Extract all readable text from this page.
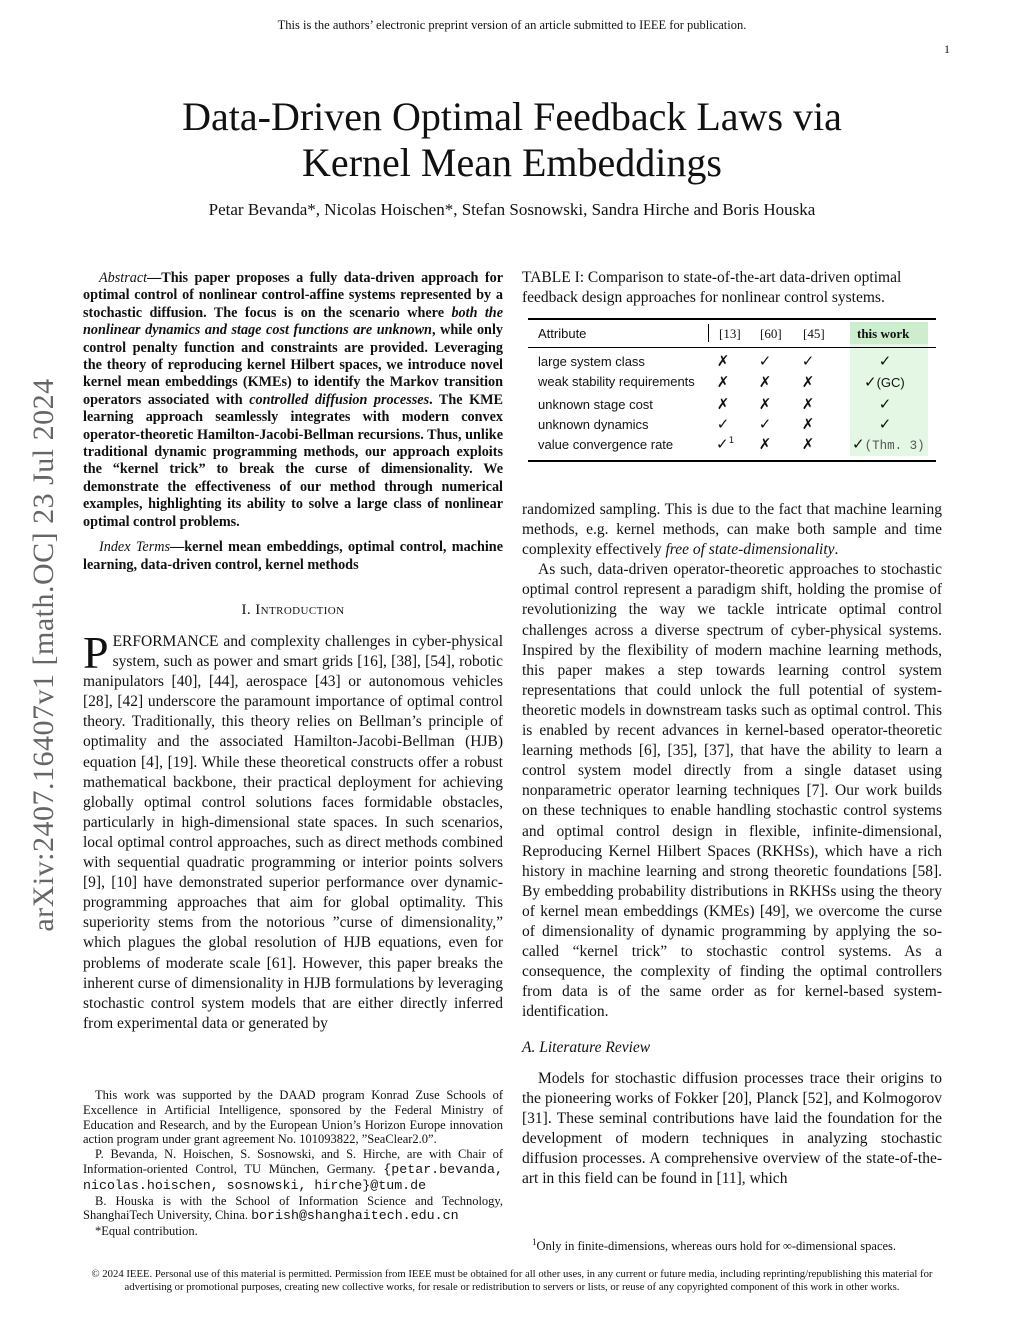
This is the authors’ electronic preprint version of an article submitted to IEEE for publication.
1
Data-Driven Optimal Feedback Laws via
Kernel Mean Embeddings
Petar Bevanda*, Nicolas Hoischen*, Stefan Sosnowski, Sandra Hirche and Boris Houska
arXiv:2407.16407v1 [math.OC] 23 Jul 2024

Abstract—This paper proposes a fully data-driven approach for optimal control of nonlinear control-affine systems represented by a stochastic diffusion. The focus is on the scenario where both the nonlinear dynamics and stage cost functions are unknown, while only control penalty function and constraints are provided. Leveraging the theory of reproducing kernel Hilbert spaces, we introduce novel kernel mean embeddings (KMEs) to identify the Markov transition operators associated with controlled diffusion processes. The KME learning approach seamlessly integrates with modern convex operator-theoretic Hamilton-Jacobi-Bellman recursions. Thus, unlike traditional dynamic programming methods, our approach exploits the “kernel trick” to break the curse of dimensionality. We demonstrate the effectiveness of our method through numerical examples, highlighting its ability to solve a large class of nonlinear optimal control problems.

Index Terms—kernel mean embeddings, optimal control, machine learning, data-driven control, kernel methods

I. Introduction

PERFORMANCE and complexity challenges in cyber-physical system, such as power and smart grids [16], [38], [54], robotic manipulators [40], [44], aerospace [43] or autonomous vehicles [28], [42] underscore the paramount importance of optimal control theory. Traditionally, this theory relies on Bellman’s principle of optimality and the associated Hamilton-Jacobi-Bellman (HJB) equation [4], [19]. While these theoretical constructs offer a robust mathematical backbone, their practical deployment for achieving globally optimal control solutions faces formidable obstacles, particularly in high-dimensional state spaces. In such scenarios, local optimal control approaches, such as direct methods combined with sequential quadratic programming or interior points solvers [9], [10] have demonstrated superior performance over dynamic-programming approaches that aim for global optimality. This superiority stems from the notorious ”curse of dimensionality,” which plagues the global resolution of HJB equations, even for problems of moderate scale [61]. However, this paper breaks the inherent curse of dimensionality in HJB formulations by leveraging stochastic control system models that are either directly inferred from experimental data or generated by

This work was supported by the DAAD program Konrad Zuse Schools of Excellence in Artificial Intelligence, sponsored by the Federal Ministry of Education and Research, and by the European Union’s Horizon Europe innovation action program under grant agreement No. 101093822, ”SeaClear2.0”.

P. Bevanda, N. Hoischen, S. Sosnowski, and S. Hirche, are with Chair of Information-oriented Control, TU München, Germany. {petar.bevanda, nicolas.hoischen, sosnowski, hirche}@tum.de

B. Houska is with the School of Information Science and Technology, ShanghaiTech University, China. borish@shanghaitech.edu.cn

*Equal contribution.

TABLE I: Comparison to state-of-the-art data-driven optimal feedback design approaches for nonlinear control systems.
Attribute	[13] [60] [45] this work
large system class	✗	✓	✓	✓
weak stability requirements	✗	✗	✗	✓(GC)
unknown stage cost	✗	✗	✗	✓
unknown dynamics	✓	✓	✗	✓
value convergence rate	✓$^1$	✗	✗	✓(Thm. 3)

randomized sampling. This is due to the fact that machine learning methods, e.g. kernel methods, can make both sample and time complexity effectively free of state-dimensionality.

As such, data-driven operator-theoretic approaches to stochastic optimal control represent a paradigm shift, holding the promise of revolutionizing the way we tackle intricate optimal control challenges across a diverse spectrum of cyber-physical systems. Inspired by the flexibility of modern machine learning methods, this paper makes a step towards learning control system representations that could unlock the full potential of system-theoretic models in downstream tasks such as optimal control. This is enabled by recent advances in kernel-based operator-theoretic learning methods [6], [35], [37], that have the ability to learn a control system model directly from a single dataset using nonparametric operator learning techniques [7]. Our work builds on these techniques to enable handling stochastic control systems and optimal control design in flexible, infinite-dimensional, Reproducing Kernel Hilbert Spaces (RKHSs), which have a rich history in machine learning and strong theoretic foundations [58]. By embedding probability distributions in RKHSs using the theory of kernel mean embeddings (KMEs) [49], we overcome the curse of dimensionality of dynamic programming by applying the so-called “kernel trick” to stochastic control systems. As a consequence, the complexity of finding the optimal controllers from data is of the same order as for kernel-based system-identification.

A. Literature Review

Models for stochastic diffusion processes trace their origins to the pioneering works of Fokker [20], Planck [52], and Kolmogorov [31]. These seminal contributions have laid the foundation for the development of modern techniques in analyzing stochastic diffusion processes. A comprehensive overview of the state-of-the-art in this field can be found in [11], which

$^1$Only in finite-dimensions, whereas ours hold for ∞-dimensional spaces.
© 2024 IEEE. Personal use of this material is permitted. Permission from IEEE must be obtained for all other uses, in any current or future media, including reprinting/republishing this material for advertising or promotional purposes, creating new collective works, for resale or redistribution to servers or lists, or reuse of any copyrighted component of this work in other works.
